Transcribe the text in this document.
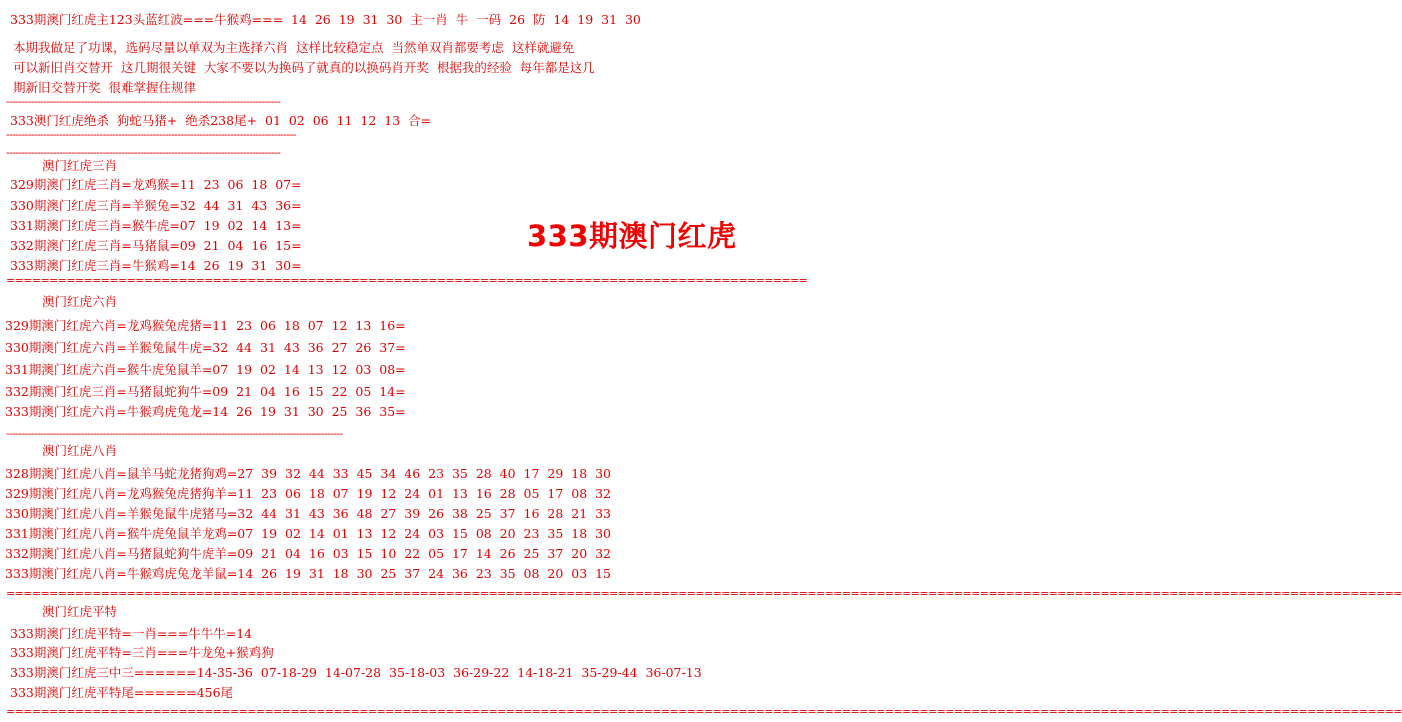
333期澳门红虎主123头蓝红波===牛猴鸡===  14  26  19  31  30  主一肖  牛  一码  26  防  14  19  31  30
本期我做足了功课，选码尽量以单双为主选择六肖  这样比较稳定点  当然单双肖都要考虑  这样就避免
可以新旧肖交替开  这几期很关键  大家不要以为换码了就真的以换码肖开奖  根据我的经验  每年都是这几
期新旧交替开奖  很难掌握住规律
----------------------------------------------------------------------------------------
333澳门红虎绝杀  狗蛇马猪+  绝杀238尾+  01  02  06  11  12  13  合=
---------------------------------------------------------------------------------------------
----------------------------------------------------------------------------------------
澳门红虎三肖
329期澳门红虎三肖=龙鸡猴=11  23  06  18  07=
330期澳门红虎三肖=羊猴兔=32  44  31  43  36=
331期澳门红虎三肖=猴牛虎=07  19  02  14  13=
332期澳门红虎三肖=马猪鼠=09  21  04  16  15=
333期澳门红虎三肖=牛猴鸡=14  26  19  31  30=
333期澳门红虎
=============================================================================================
澳门红虎六肖
329期澳门红虎六肖=龙鸡猴兔虎猪=11  23  06  18  07  12  13  16=
330期澳门红虎六肖=羊猴兔鼠牛虎=32  44  31  43  36  27  26  37=
331期澳门红虎六肖=猴牛虎兔鼠羊=07  19  02  14  13  12  03  08=
332期澳门红虎三肖=马猪鼠蛇狗牛=09  21  04  16  15  22  05  14=
333期澳门红虎六肖=牛猴鸡虎兔龙=14  26  19  31  30  25  36  35=
------------------------------------------------------------------------------------------------------------
澳门红虎八肖
328期澳门红虎八肖=鼠羊马蛇龙猪狗鸡=27  39  32  44  33  45  34  46  23  35  28  40  17  29  18  30
329期澳门红虎八肖=龙鸡猴兔虎猪狗羊=11  23  06  18  07  19  12  24  01  13  16  28  05  17  08  32
330期澳门红虎八肖=羊猴兔鼠牛虎猪马=32  44  31  43  36  48  27  39  26  38  25  37  16  28  21  33
331期澳门红虎八肖=猴牛虎兔鼠羊龙鸡=07  19  02  14  01  13  12  24  03  15  08  20  23  35  18  30
332期澳门红虎八肖=马猪鼠蛇狗牛虎羊=09  21  04  16  03  15  10  22  05  17  14  26  25  37  20  32
333期澳门红虎八肖=牛猴鸡虎兔龙羊鼠=14  26  19  31  18  30  25  37  24  36  23  35  08  20  03  15
==================================================================================================================================================================
澳门红虎平特
333期澳门红虎平特=一肖===牛牛牛=14
333期澳门红虎平特=三肖===牛龙兔+猴鸡狗
333期澳门红虎三中三======14-35-36  07-18-29  14-07-28  35-18-03  36-29-22  14-18-21  35-29-44  36-07-13
333期澳门红虎平特尾======456尾
==================================================================================================================================================================
